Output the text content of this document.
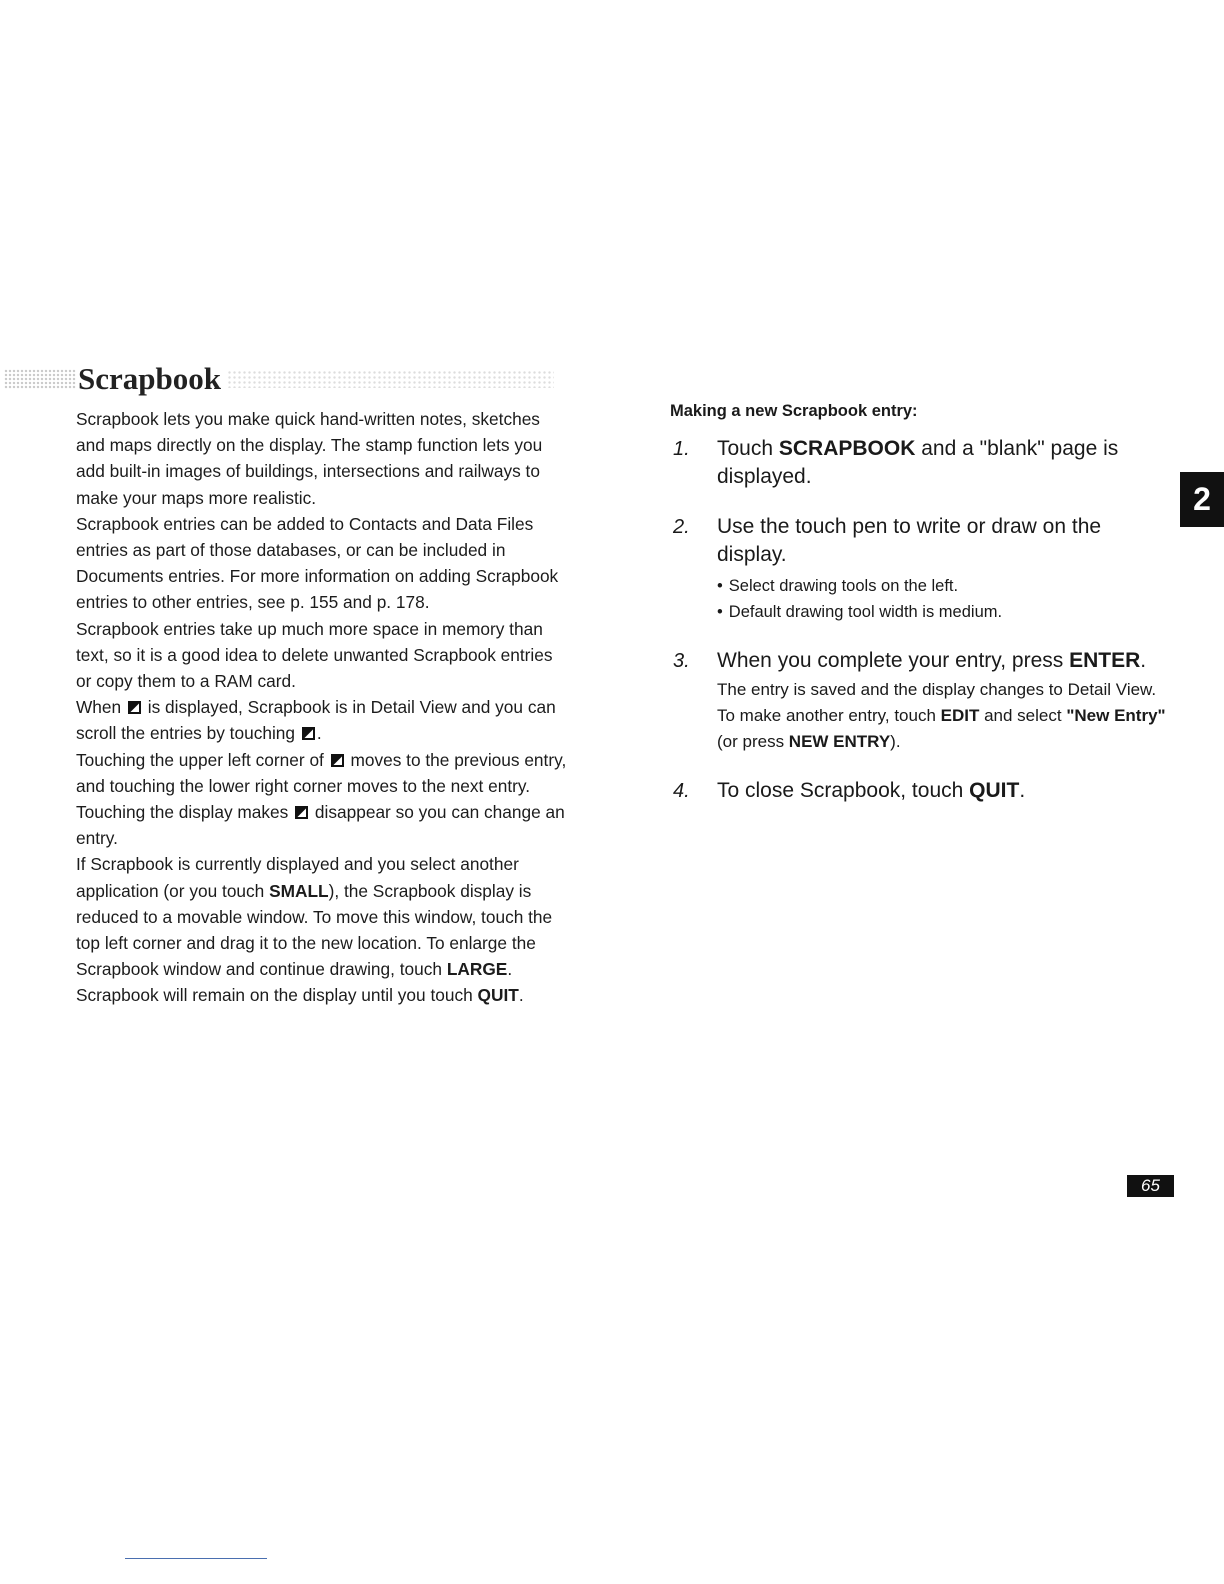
Scrapbook

Scrapbook lets you make quick hand-written notes, sketches and maps directly on the display. The stamp function lets you add built-in images of buildings, intersections and railways to make your maps more realistic.

Scrapbook entries can be added to Contacts and Data Files entries as part of those databases, or can be included in Documents entries. For more information on adding Scrapbook entries to other entries, see p. 155 and p. 178.

Scrapbook entries take up much more space in memory than text, so it is a good idea to delete unwanted Scrapbook entries or copy them to a RAM card.

When  is displayed, Scrapbook is in Detail View and you can scroll the entries by touching .

Touching the upper left corner of  moves to the previous entry, and touching the lower right corner moves to the next entry.

Touching the display makes  disappear so you can change an entry.

If Scrapbook is currently displayed and you select another application (or you touch SMALL), the Scrapbook display is reduced to a movable window. To move this window, touch the top left corner and drag it to the new location. To enlarge the Scrapbook window and continue drawing, touch LARGE. Scrapbook will remain on the display until you touch QUIT.

Making a new Scrapbook entry:

1. Touch SCRAPBOOK and a "blank" page is displayed.
2. Use the touch pen to write or draw on the display.
• Select drawing tools on the left.
• Default drawing tool width is medium.
3. When you complete your entry, press ENTER.
The entry is saved and the display changes to Detail View. To make another entry, touch EDIT and select "New Entry" (or press NEW ENTRY).
4. To close Scrapbook, touch QUIT.
2
65
